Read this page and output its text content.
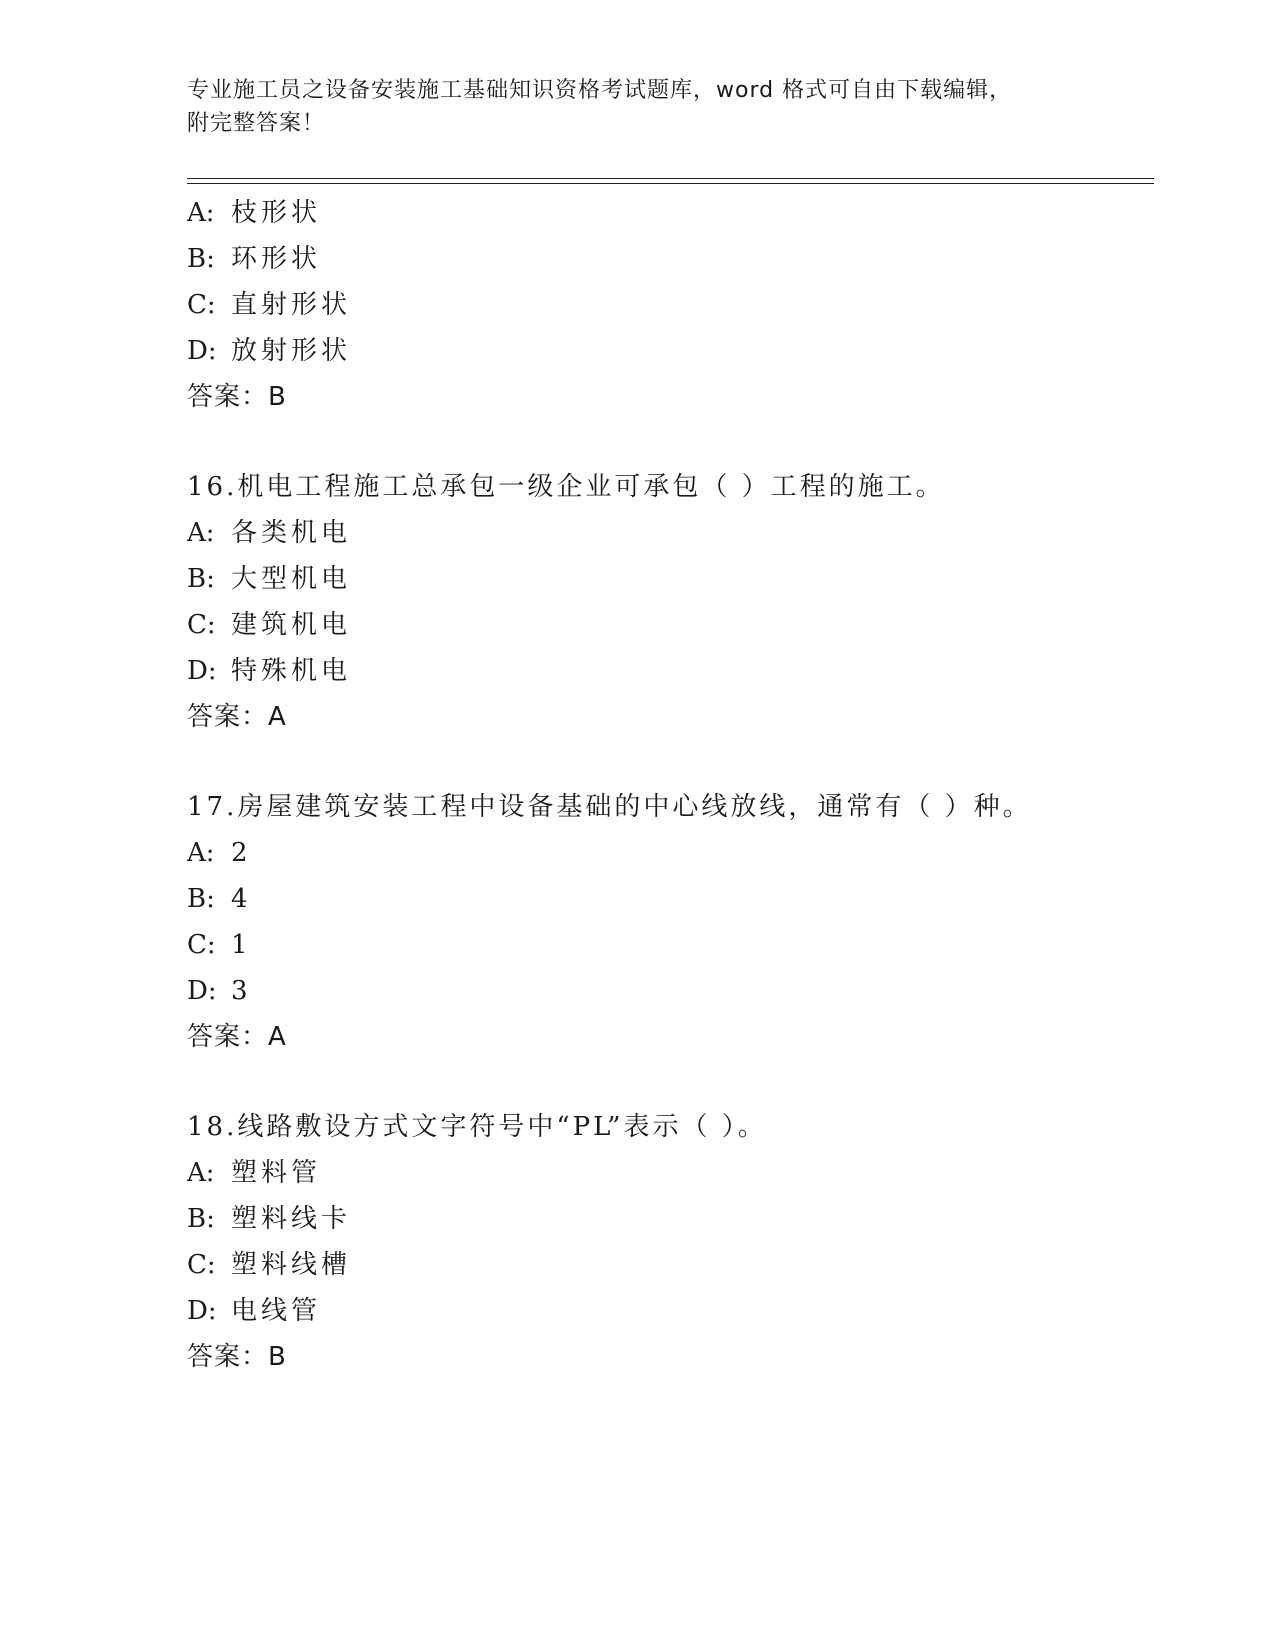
专业施工员之设备安装施工基础知识资格考试题库，word 格式可自由下载编辑，
附完整答案！
A: 枝形状
B: 环形状
C: 直射形状
D: 放射形状
答案：B
16.机电工程施工总承包一级企业可承包（ ）工程的施工。
A: 各类机电
B: 大型机电
C: 建筑机电
D: 特殊机电
答案：A
17.房屋建筑安装工程中设备基础的中心线放线，通常有（ ）种。
A: 2
B: 4
C: 1
D: 3
答案：A
18.线路敷设方式文字符号中“PL”表示（ ）。
A: 塑料管
B: 塑料线卡
C: 塑料线槽
D: 电线管
答案：B
